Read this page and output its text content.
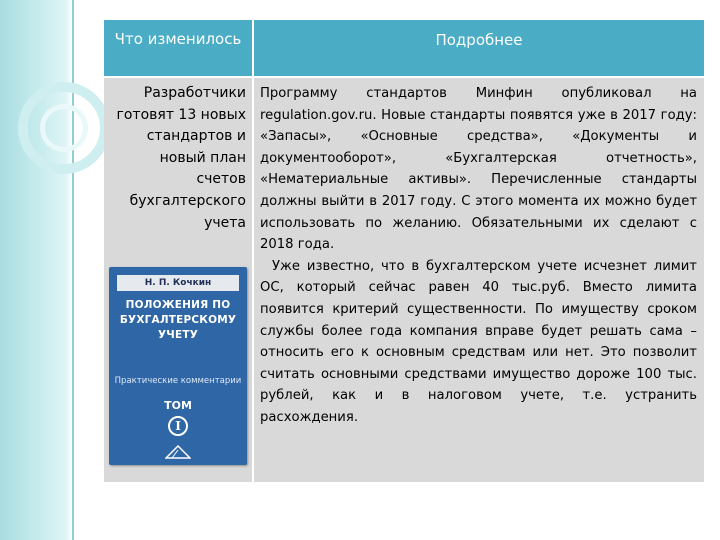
Что изменилось	Подробнее
Разработчики готовят 13 новых стандартов и новый план счетов бухгалтерского учета

Программу стандартов Минфин опубликовал на regulation.gov.ru. Новые стандарты появятся уже в 2017 году: «Запасы», «Основные средства», «Документы и документооборот», «Бухгалтерская отчетность», «Нематериальные активы». Перечисленные стандарты должны выйти в 2017 году. С этого момента их можно будет использовать по желанию. Обязательными их сделают с 2018 года.

Уже известно, что в бухгалтерском учете исчезнет лимит ОС, который сейчас равен 40 тыс.руб. Вместо лимита появится критерий существенности. По имуществу сроком службы более года компания вправе будет решать сама – относить его к основным средствам или нет. Это позволит считать основными средствами имущество дороже 100 тыс. рублей, как и в налоговом учете, т.е. устранить расхождения.

Н. П. Кочкин
ПОЛОЖЕНИЯ ПО БУХГАЛТЕРСКОМУ УЧЕТУ
Практические комментарии
ТОМ
I
